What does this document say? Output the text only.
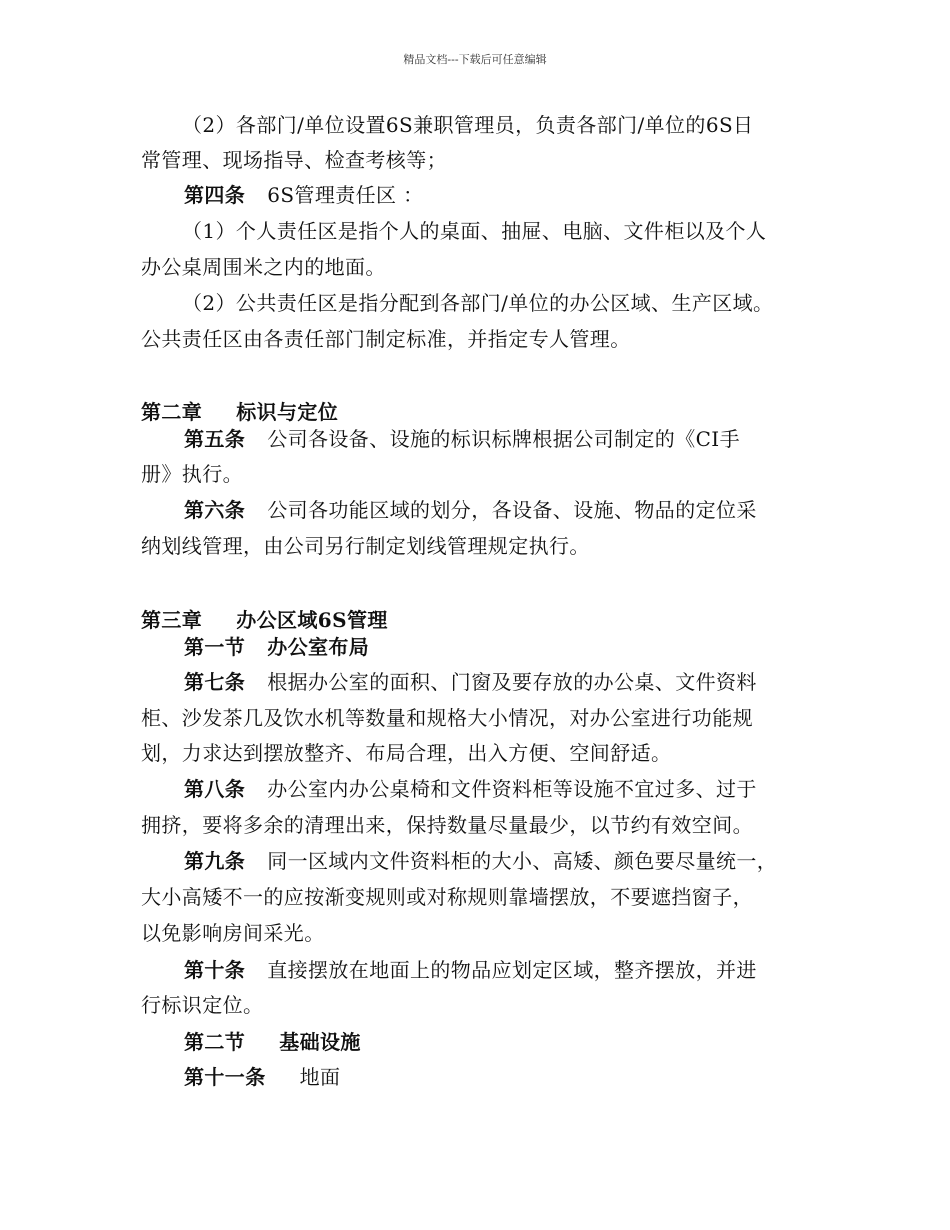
精品文档---下载后可任意编辑
（2）各部门/单位设置6S兼职管理员，负责各部门/单位的6S日
常管理、现场指导、检查考核等；
第四条 6S管理责任区 ：
（1）个人责任区是指个人的桌面、抽屉、电脑、文件柜以及个人
办公桌周围米之内的地面。
（2）公共责任区是指分配到各部门/单位的办公区域、生产区域。
公共责任区由各责任部门制定标准，并指定专人管理。
第二章 标识与定位
第五条 公司各设备、设施的标识标牌根据公司制定的《CI手
册》执行。
第六条 公司各功能区域的划分，各设备、设施、物品的定位采
纳划线管理，由公司另行制定划线管理规定执行。
第三章 办公区域6S管理
第一节 办公室布局
第七条 根据办公室的面积、门窗及要存放的办公桌、文件资料
柜、沙发茶几及饮水机等数量和规格大小情况，对办公室进行功能规
划，力求达到摆放整齐、布局合理，出入方便、空间舒适。
第八条 办公室内办公桌椅和文件资料柜等设施不宜过多、过于
拥挤，要将多余的清理出来，保持数量尽量最少，以节约有效空间。
第九条 同一区域内文件资料柜的大小、高矮、颜色要尽量统一，
大小高矮不一的应按渐变规则或对称规则靠墙摆放，不要遮挡窗子，
以免影响房间采光。
第十条 直接摆放在地面上的物品应划定区域，整齐摆放，并进
行标识定位。
第二节 基础设施
第十一条 地面
